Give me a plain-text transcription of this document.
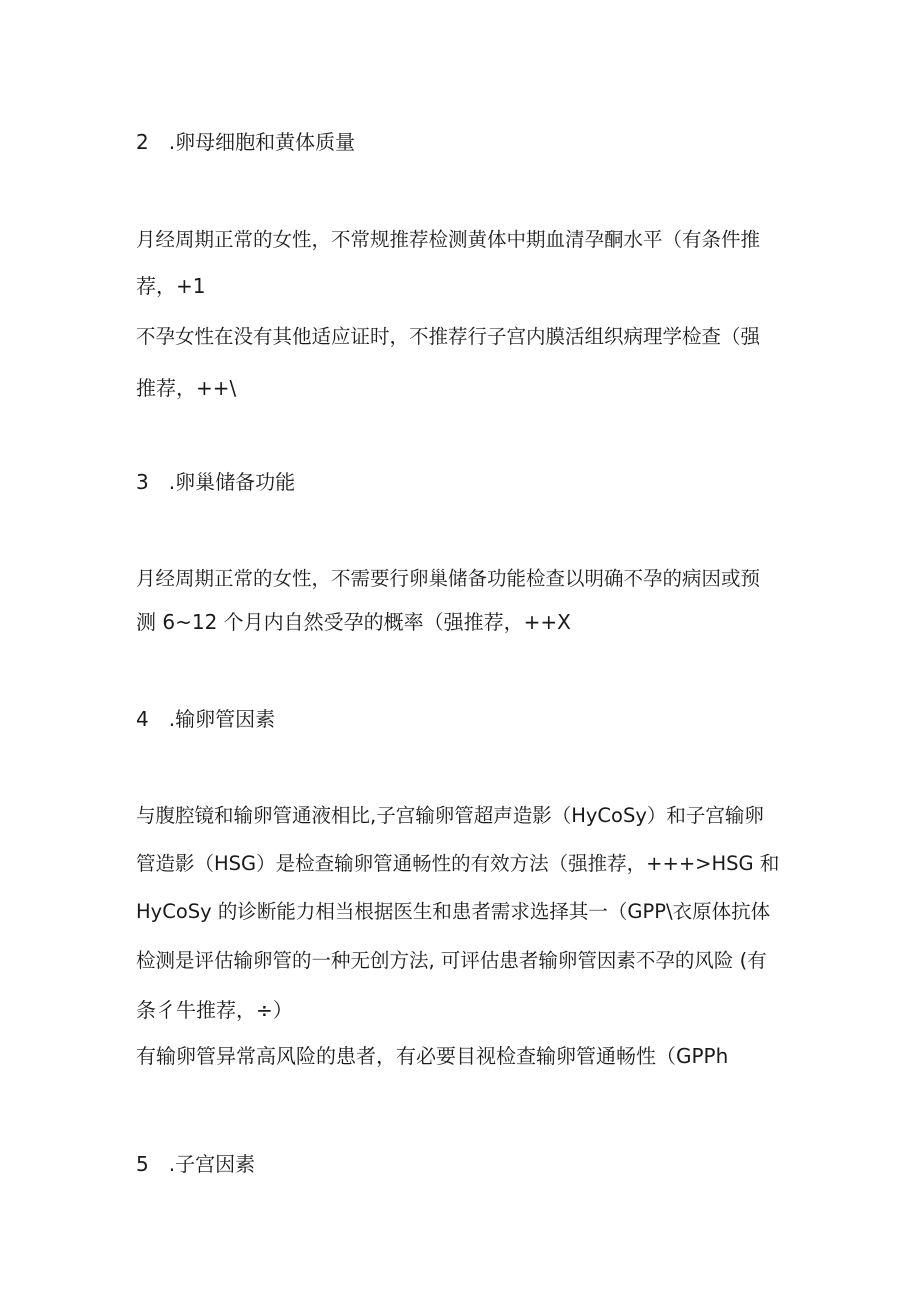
2　.卵母细胞和黄体质量
月经周期正常的女性，不常规推荐检测黄体中期血清孕酮水平（有条件推
荐，+1
不孕女性在没有其他适应证时，不推荐行子宫内膜活组织病理学检查（强
推荐，++\
3　.卵巢储备功能
月经周期正常的女性，不需要行卵巢储备功能检查以明确不孕的病因或预
测 6~12 个月内自然受孕的概率（强推荐，++X
4　.输卵管因素
与腹腔镜和输卵管通液相比,子宫输卵管超声造影（HyCoSy）和子宫输卵
管造影（HSG）是检查输卵管通畅性的有效方法（强推荐，+++>HSG 和
HyCoSy 的诊断能力相当根据医生和患者需求选择其一（GPP\衣原体抗体
检测是评估输卵管的一种无创方法, 可评估患者输卵管因素不孕的风险 (有
条彳牛推荐，÷）
有输卵管异常高风险的患者，有必要目视检查输卵管通畅性（GPPh
5　.子宫因素
